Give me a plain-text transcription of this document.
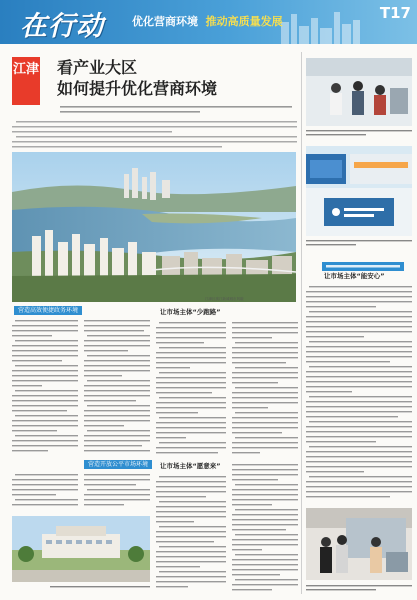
在行动	优化营商环境 推动高质量发展	T17
江津 看产业大区
如何提升优化营商环境
江津区滨江新城城市风貌
让市场主体“能安心”
营造高效便捷政务环境	让市场主体“少跑路”
营造开放公平市场环境	让市场主体“愿意来”
